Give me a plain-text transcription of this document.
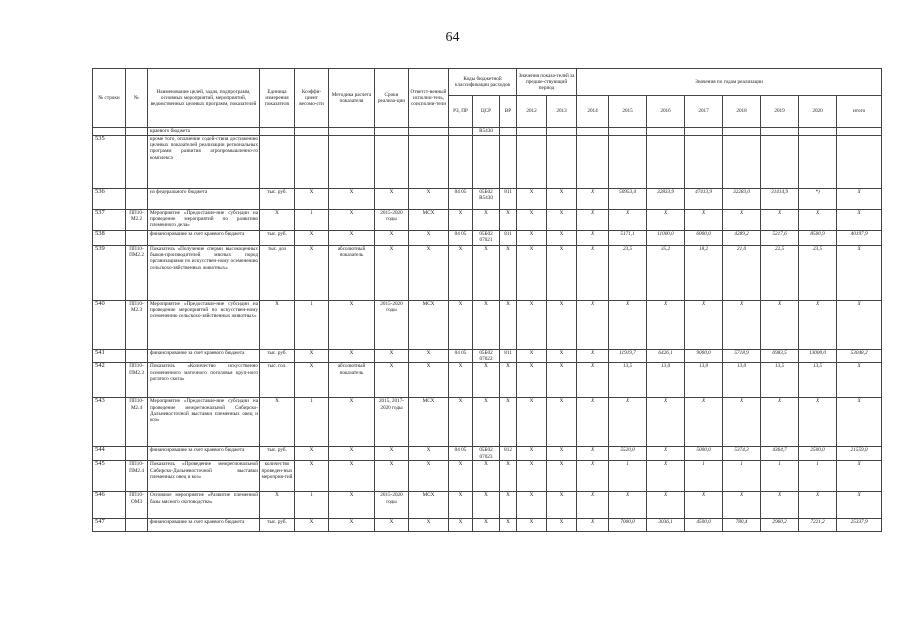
64
№ строки	№	Наименование целей, задач, подпрограмм, основных мероприятий, мероприятий, ведомственных целевых программ, показателей	Единица измерения показателя	Коэффи-циент весомо-сти	Методика расчета показателя	Сроки реализа-ции	Ответст-венный исполни-тель, соисполни-тели	Коды бюджетной классификации расходов			Значения показа-телей за предше-ствующий период		Значения по годам реализации							
								РЗ, ПР	ЦСР	ВР	2012	2013	2014	2015	2016	2017	2018	2019	2020	итого
		краевого бюджета							R5430											
535		кроме того, оплачение содей-ствия достижению целевых показателей реализации региональных программ развития агропромышленно-го комплекса																		
536		из федерального бюджета	тыс. руб.	Х	Х	Х	Х	04 05	05Б02 R5430	811	Х	Х	Х	50953,4	32833,9	47413,9	32283,0	31414,9	*)	Х
537	ПП10-М2.2	Мероприятие «Предоставле-ние субсидии на проведение мероприятий по развитию племенного дела»	Х	1	Х	2015-2020 годы	МСХ	Х	Х	Х	Х	Х	Х	Х	Х	Х	Х	Х	Х	Х
538		финансирование за счет краевого бюджета	тыс. руб.	Х	Х	Х	Х	04 05	05Б02 07021	811	Х	Х	Х	5171,1	11000,0	6000,0	4289,2	5217,6	8500,9	40197,9
539	ПП10-ПМ2.2	Показатель «Получение сперми высокоценных быков-производителей мясных пород организациями по искусствен-ному осеменению сельскохо-зяйственных животных»	тыс. доз	Х	абсолютный показатель	Х	Х	Х	Х	Х	Х	Х	Х	23,5	35,2	18,2	21,0	22,5	23,5	Х
540	ПП10-М2.3	Мероприятие «Предоставле-ние субсидии на проведение мероприятий по искусствен-ному осеменению сельскохо-зяйственных животных»	Х	1	Х	2015-2020 годы	МСХ	Х	Х	Х	Х	Х	Х	Х	Х	Х	Х	Х	Х	Х
541		финансирование за счет краевого бюджета	тыс. руб.	Х	Х	Х	Х	04 05	05Б02 07022	811	Х	Х	Х	11919,7	6426,1	9000,0	5718,9	6983,5	13000,0	53048,2
542	ПП10-ПМ2.3	Показатель «Количество искусственно осемененного маточного поголовья круп-ного рогатого скота»	тыс. гол.	Х	абсолютный показатель	Х	Х	Х	Х	Х	Х	Х	Х	13,5	13,0	13,0	13,0	13,5	13,5	Х
543	ПП10-М2.4	Мероприятие «Предоставле-ние субсидии на проведение межрегиональной Сибирско-Дальневосточной выставки племенных овец и коз»	Х	1	Х	2015, 2017-2020 годы	МСХ	Х	Х	Х	Х	Х	Х	Х	Х	Х	Х	Х	Х	Х
544		финансирование за счет краевого бюджета	тыс. руб.	Х	Х	Х	Х	04 05	05Б02 07023	812	Х	Х	Х	5520,0	Х	5000,0	5374,3	4364,7	2500,0	21559,0
545	ПП10-ПМ2.4	Показатель «Проведение межрегиональной Сибирско-Дальневосточной выставки племенных овец и коз»	количество проведен-ных мероприя-тий	Х	Х	Х	Х	Х	Х	Х	Х	Х	Х	1	Х	1	1	1	1	Х
546	ПП10-ОМ3	Основное мероприятие «Развитие племенной базы мясного скотоводства»	Х	1	Х	2015-2020 годы	МСХ	Х	Х	Х	Х	Х	Х	Х	Х	Х	Х	Х	Х	Х
547		финансирование за счет краевого бюджета	тыс. руб.	Х	Х	Х	Х	Х	Х	Х	Х	Х	Х	7000,0	3036,1	4500,0	780,4	2960,2	7221,2	25337,9
